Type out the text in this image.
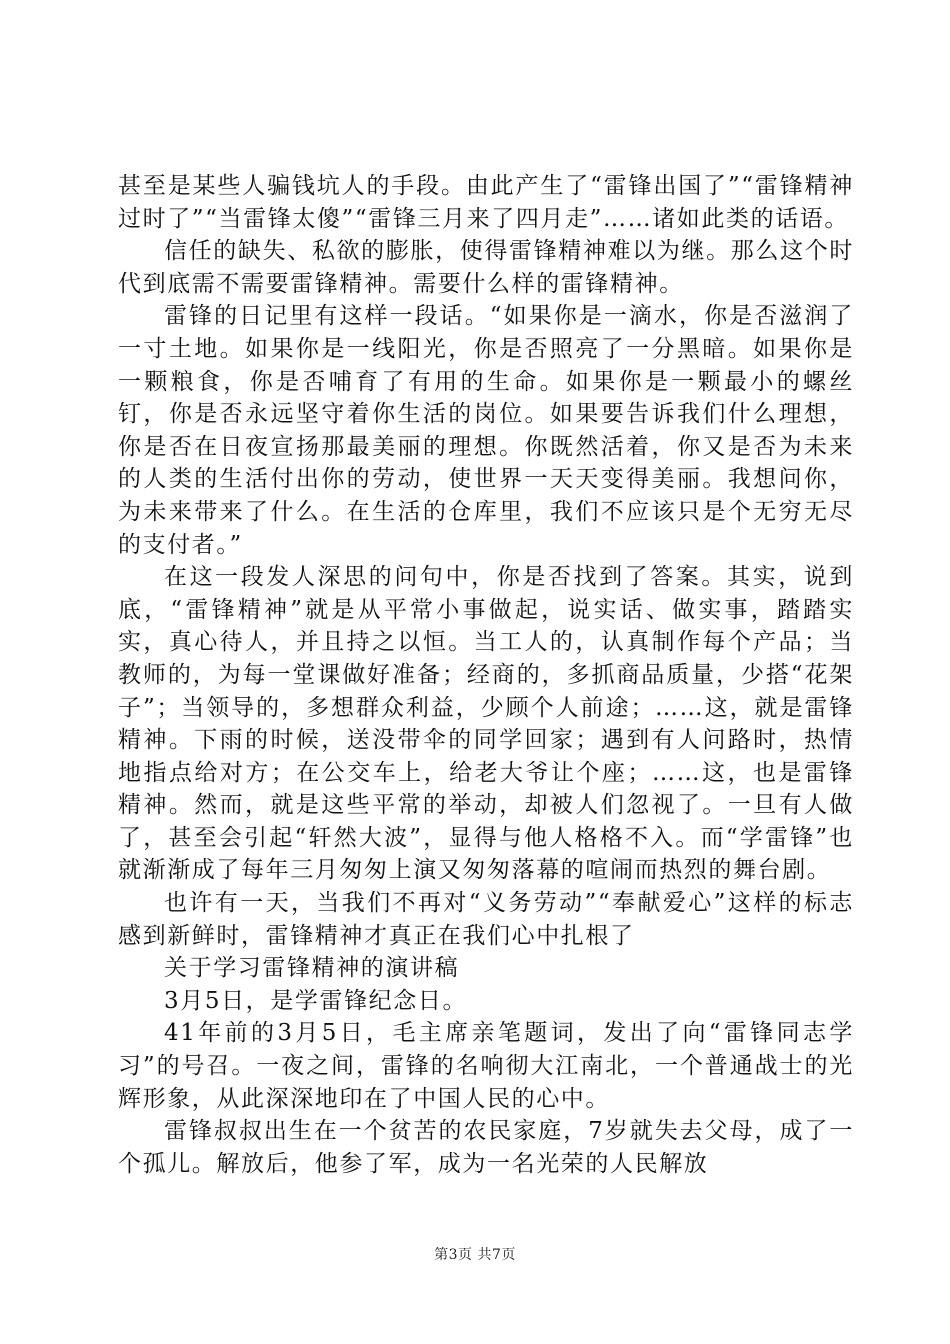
甚至是某些人骗钱坑人的手段。由此产生了“雷锋出国了”“雷锋精神过时了”“当雷锋太傻”“雷锋三月来了四月走”……诸如此类的话语。

信任的缺失、私欲的膨胀，使得雷锋精神难以为继。那么这个时代到底需不需要雷锋精神。需要什么样的雷锋精神。

雷锋的日记里有这样一段话。“如果你是一滴水，你是否滋润了一寸土地。如果你是一线阳光，你是否照亮了一分黑暗。如果你是一颗粮食，你是否哺育了有用的生命。如果你是一颗最小的螺丝钉，你是否永远坚守着你生活的岗位。如果要告诉我们什么理想，你是否在日夜宣扬那最美丽的理想。你既然活着，你又是否为未来的人类的生活付出你的劳动，使世界一天天变得美丽。我想问你，为未来带来了什么。在生活的仓库里，我们不应该只是个无穷无尽的支付者。”

在这一段发人深思的问句中，你是否找到了答案。其实，说到底，“雷锋精神”就是从平常小事做起，说实话、做实事，踏踏实实，真心待人，并且持之以恒。当工人的，认真制作每个产品；当教师的，为每一堂课做好准备；经商的，多抓商品质量，少搭“花架子”；当领导的，多想群众利益，少顾个人前途；……这，就是雷锋精神。下雨的时候，送没带伞的同学回家；遇到有人问路时，热情地指点给对方；在公交车上，给老大爷让个座；……这，也是雷锋精神。然而，就是这些平常的举动，却被人们忽视了。一旦有人做了，甚至会引起“轩然大波”，显得与他人格格不入。而“学雷锋”也就渐渐成了每年三月匆匆上演又匆匆落幕的喧闹而热烈的舞台剧。

也许有一天，当我们不再对“义务劳动”“奉献爱心”这样的标志感到新鲜时，雷锋精神才真正在我们心中扎根了

关于学习雷锋精神的演讲稿

3月5日，是学雷锋纪念日。

41年前的3月5日，毛主席亲笔题词，发出了向“雷锋同志学习”的号召。一夜之间，雷锋的名响彻大江南北，一个普通战士的光辉形象，从此深深地印在了中国人民的心中。

雷锋叔叔出生在一个贫苦的农民家庭，7岁就失去父母，成了一个孤儿。解放后，他参了军，成为一名光荣的人民解放

第3页 共7页
